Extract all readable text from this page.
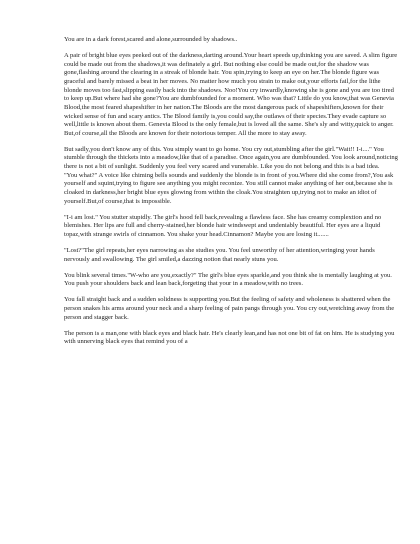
You are in a dark forest,scared and alone,surrounded by shadows..

A pair of bright blue eyes peeked out of the darkness,darting around.Your heart speeds up,thinking you are saved. A slim figure could be made out from the shadows,it was definately a girl. But nothing else could be made out,for the shadow was gone,flashing around the clearing in a streak of blonde hair. You spin,trying to keep an eye on her.The blonde figure was graceful and barely missed a beat in her moves. No matter how much you strain to make out,your efforts fail,for the lithe blonde moves too fast,slipping easily back into the shadows. Noo!You cry inwardly,knowing she is gone and you are too tired to keep up.But where had she gone?You are dumbfounded for a moment. Who was that? Little do you know,that was Genevia Blood,the most feared shapeshifter in her nation.The Bloods are the most dangerous pack of shapeshifters,known for their wicked sense of fun and scary antics. The Blood family is,you could say,the outlaws of their species.They evade capture so well,little is known about them. Genevia Blood is the only female,but is loved all the same. She's sly and witty,quick to anger. But,of course,all the Bloods are known for their notorious temper. All the more to stay away.

But sadly,you don't know any of this. You simply want to go home. You cry out,stumbling after the girl."Wait!! I-i...." You stumble through the thickets into a meadow,like that of a paradise. Once again,you are dumbfounded. You look around,noticing there is not a bit of sunlight. Suddenly you feel very scared and vunerable. Like you do not belong and this is a bad idea.

"You what?" A voice like chiming bells sounds and suddenly the blonde is in front of you.Where did she come from?,You ask yourself and squint,trying to figure see anything you might reconize. You still cannot make anything of her out,because she is cloaked in darkness,her bright blue eyes glowing from within the cloak.You straighten up,trying not to make an idiot of yourself.But,of course,that is impossible.

"I-i am lost." You stutter stupidly. The girl's hood fell back,revealing a flawless face. She has creamy complextion and no blemishes. Her lips are full and cherry-stained,her blonde hair windswept and undeniably beautiful. Her eyes are a liquid topaz,with strange swirls of cinnamon. You shake your head.Cinnamon? Maybe you are losing it.......

"Lost?"The girl repeats,her eyes narrowing as she studies you. You feel unworthy of her attention,wringing your hands nervously and swallowing. The girl smiled,a dazzing notion that nearly stuns you.

You blink several times."W-who are you,exactly?" The girl's blue eyes sparkle,and you think she is mentally laughing at you. You push your shoulders back and lean back,forgeting that your in a meadow,with no trees.

You fall straight back and a sudden solidness is supporting you.But the feeling of safety and wholeness is shattered when the person snakes his arms around your neck and a sharp feeling of pain pangs through you. You cry out,wretching away from the person and stagger back.

The person is a man,one with black eyes and black hair. He's clearly lean,and has not one bit of fat on him. He is studying you with unnerving black eyes that remind you of a
